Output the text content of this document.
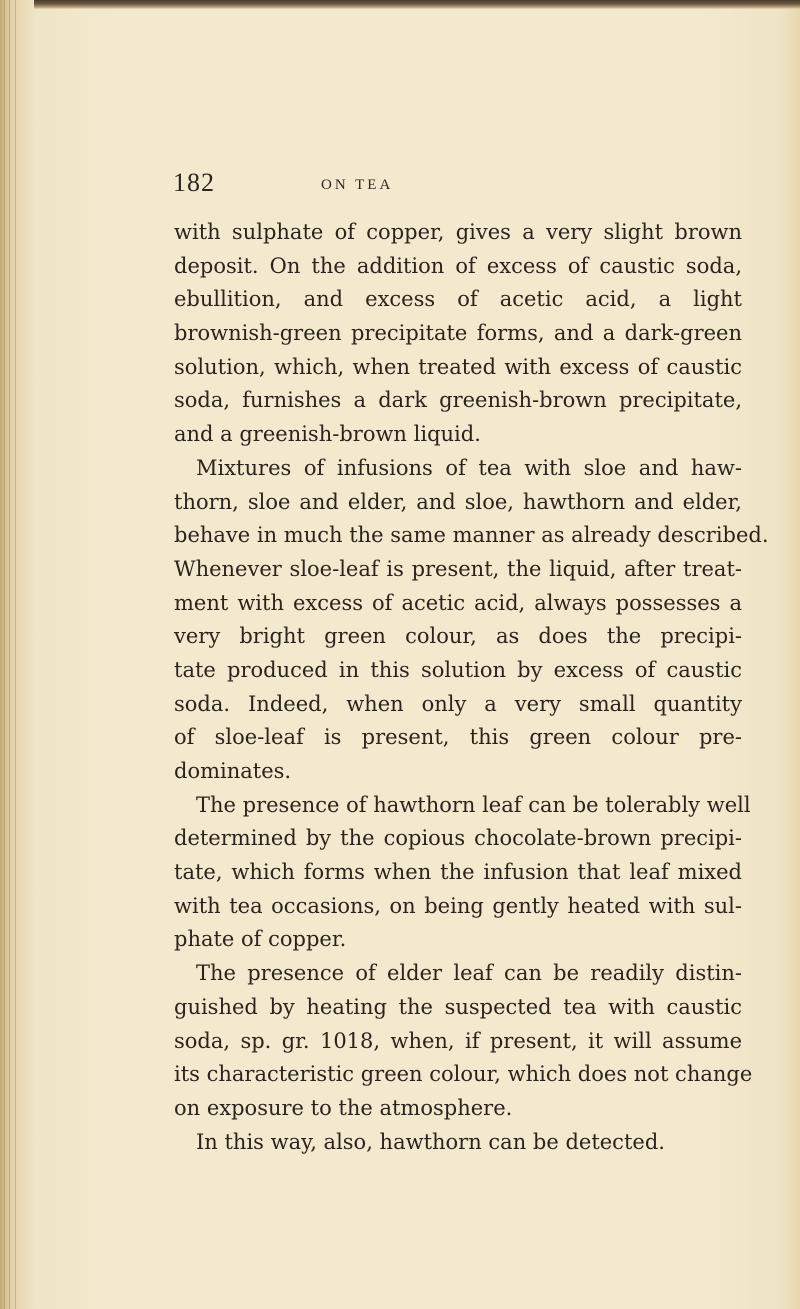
182	ON TEA
with sulphate of copper, gives a very slight brown
deposit. On the addition of excess of caustic soda,
ebullition, and excess of acetic acid, a light
brownish-green precipitate forms, and a dark-green
solution, which, when treated with excess of caustic
soda, furnishes a dark greenish-brown precipitate,
and a greenish-brown liquid.
Mixtures of infusions of tea with sloe and haw-
thorn, sloe and elder, and sloe, hawthorn and elder,
behave in much the same manner as already described.
Whenever sloe-leaf is present, the liquid, after treat-
ment with excess of acetic acid, always possesses a
very bright green colour, as does the precipi-
tate produced in this solution by excess of caustic
soda. Indeed, when only a very small quantity
of sloe-leaf is present, this green colour pre-
dominates.
The presence of hawthorn leaf can be tolerably well
determined by the copious chocolate-brown precipi-
tate, which forms when the infusion that leaf mixed
with tea occasions, on being gently heated with sul-
phate of copper.
The presence of elder leaf can be readily distin-
guished by heating the suspected tea with caustic
soda, sp. gr. 1018, when, if present, it will assume
its characteristic green colour, which does not change
on exposure to the atmosphere.
In this way, also, hawthorn can be detected.
